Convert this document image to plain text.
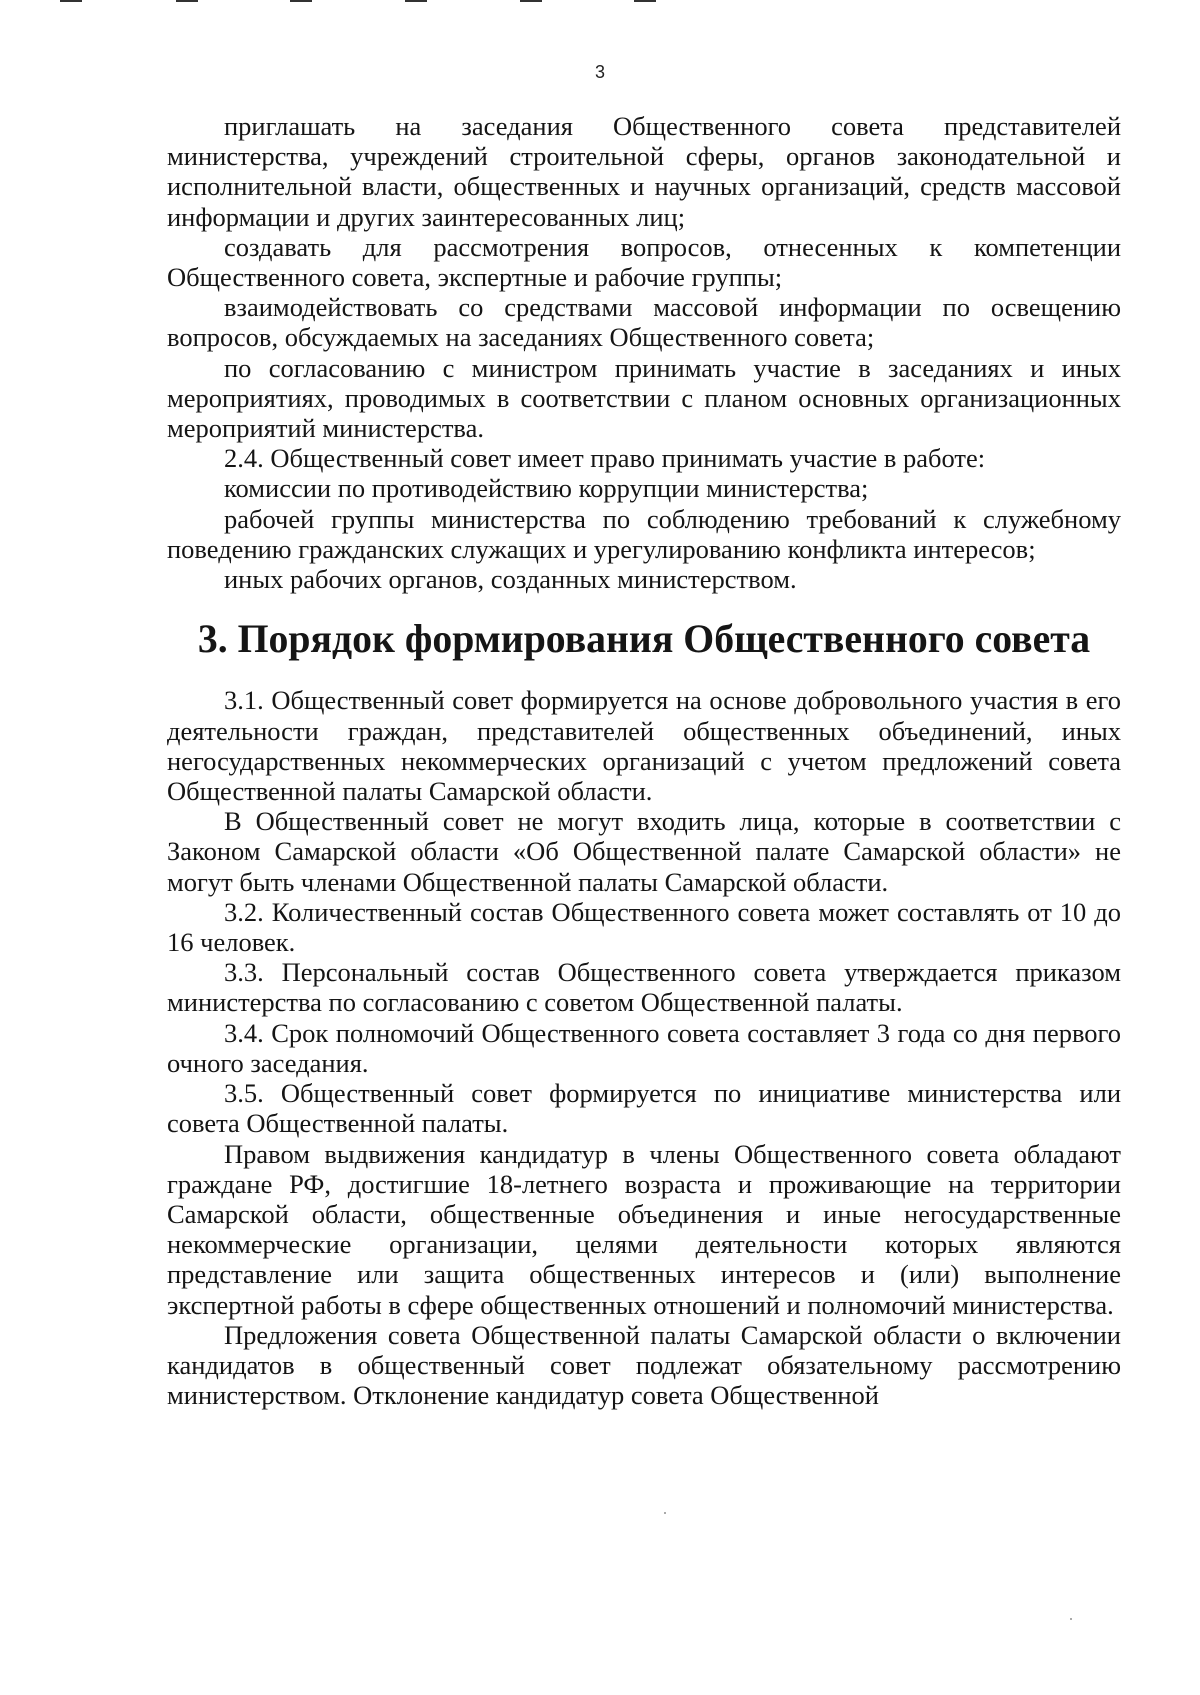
3

приглашать на заседания Общественного совета представителей министерства, учреждений строительной сферы, органов законодательной и исполнительной власти, общественных и научных организаций, средств массовой информации и других заинтересованных лиц;

создавать для рассмотрения вопросов, отнесенных к компетенции Общественного совета, экспертные и рабочие группы;

взаимодействовать со средствами массовой информации по освещению вопросов, обсуждаемых на заседаниях Общественного совета;

по согласованию с министром принимать участие в заседаниях и иных мероприятиях, проводимых в соответствии с планом основных организационных мероприятий министерства.

2.4. Общественный совет имеет право принимать участие в работе:

комиссии по противодействию коррупции министерства;

рабочей группы министерства по соблюдению требований к служебному поведению гражданских служащих и урегулированию конфликта интересов;

иных рабочих органов, созданных министерством.

3. Порядок формирования Общественного совета

3.1. Общественный совет формируется на основе добровольного участия в его деятельности граждан, представителей общественных объединений, иных негосударственных некоммерческих организаций с учетом предложений совета Общественной палаты Самарской области.

В Общественный совет не могут входить лица, которые в соответствии с Законом Самарской области «Об Общественной палате Самарской области» не могут быть членами Общественной палаты Самарской области.

3.2. Количественный состав Общественного совета может составлять от 10 до 16 человек.

3.3. Персональный состав Общественного совета утверждается приказом министерства по согласованию с советом Общественной палаты.

3.4. Срок полномочий Общественного совета составляет 3 года со дня первого очного заседания.

3.5. Общественный совет формируется по инициативе министерства или совета Общественной палаты.

Правом выдвижения кандидатур в члены Общественного совета обладают граждане РФ, достигшие 18-летнего возраста и проживающие на территории Самарской области, общественные объединения и иные негосударственные некоммерческие организации, целями деятельности которых являются представление или защита общественных интересов и (или) выполнение экспертной работы в сфере общественных отношений и полномочий министерства.

Предложения совета Общественной палаты Самарской области о включении кандидатов в общественный совет подлежат обязательному рассмотрению министерством. Отклонение кандидатур совета Общественной
